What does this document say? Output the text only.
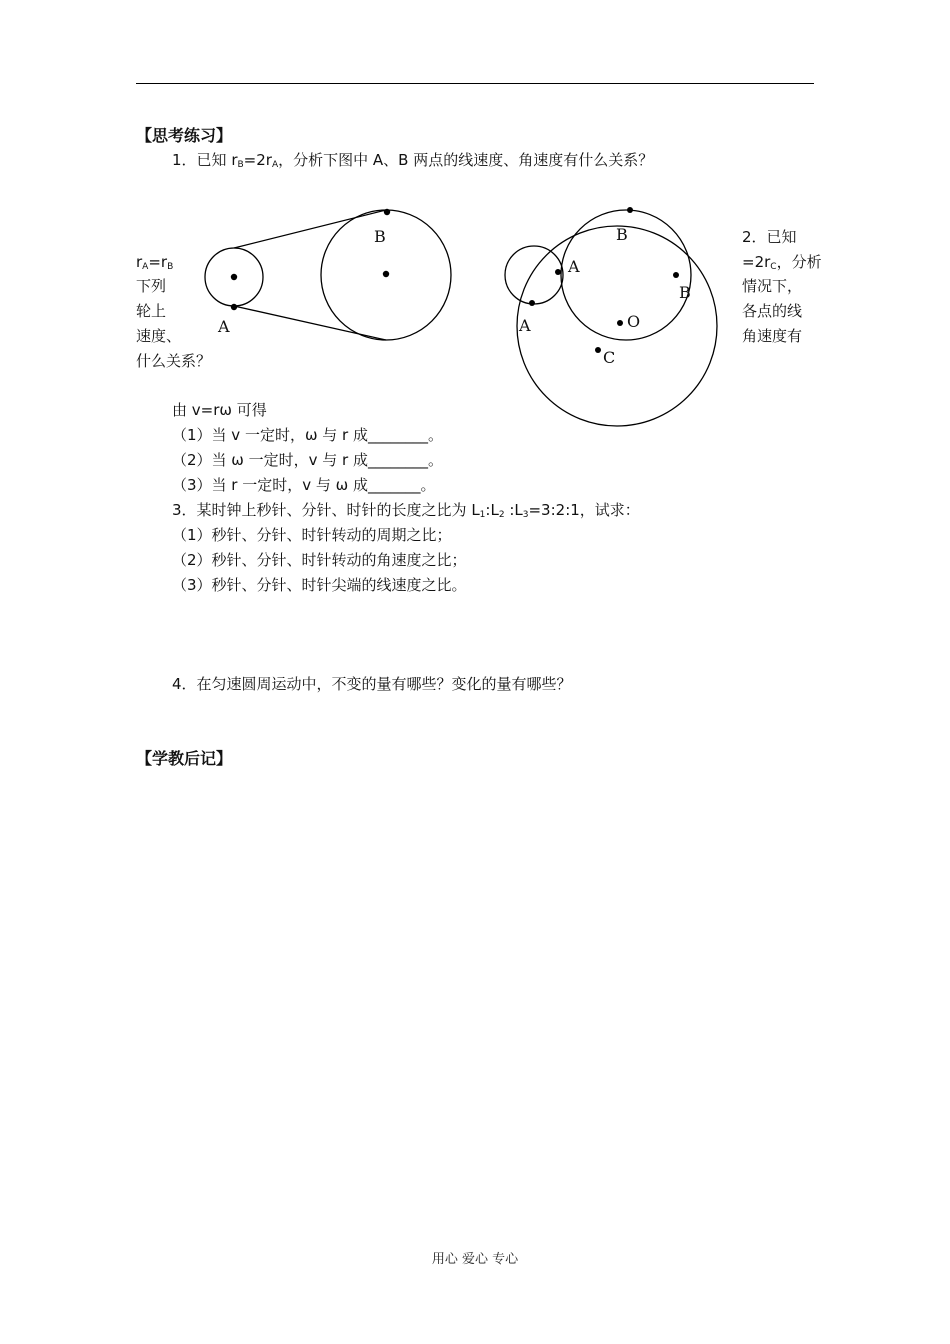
【思考练习】
1．已知 $r_B=2r_A$，分析下图中 A、B 两点的线速度、角速度有什么关系？
A
B	B
A
B
A	O
C
$r_A=r_B$
下列
轮上
速度、
什么关系？
2．已知
$=2r_C$，分析
情况下，
各点的线
角速度有
由 v=rω 可得
（1）当 v 一定时，ω 与 r 成________。
（2）当 ω 一定时，v 与 r 成________。
（3）当 r 一定时，v 与 ω 成_______。
3．某时钟上秒针、分针、时针的长度之比为 $L_1:L_2$ $:L_3=3:2:1$，试求：
（1）秒针、分针、时针转动的周期之比；
（2）秒针、分针、时针转动的角速度之比；
（3）秒针、分针、时针尖端的线速度之比。
4．在匀速圆周运动中，不变的量有哪些？变化的量有哪些？
【学教后记】
用心 爱心 专心
